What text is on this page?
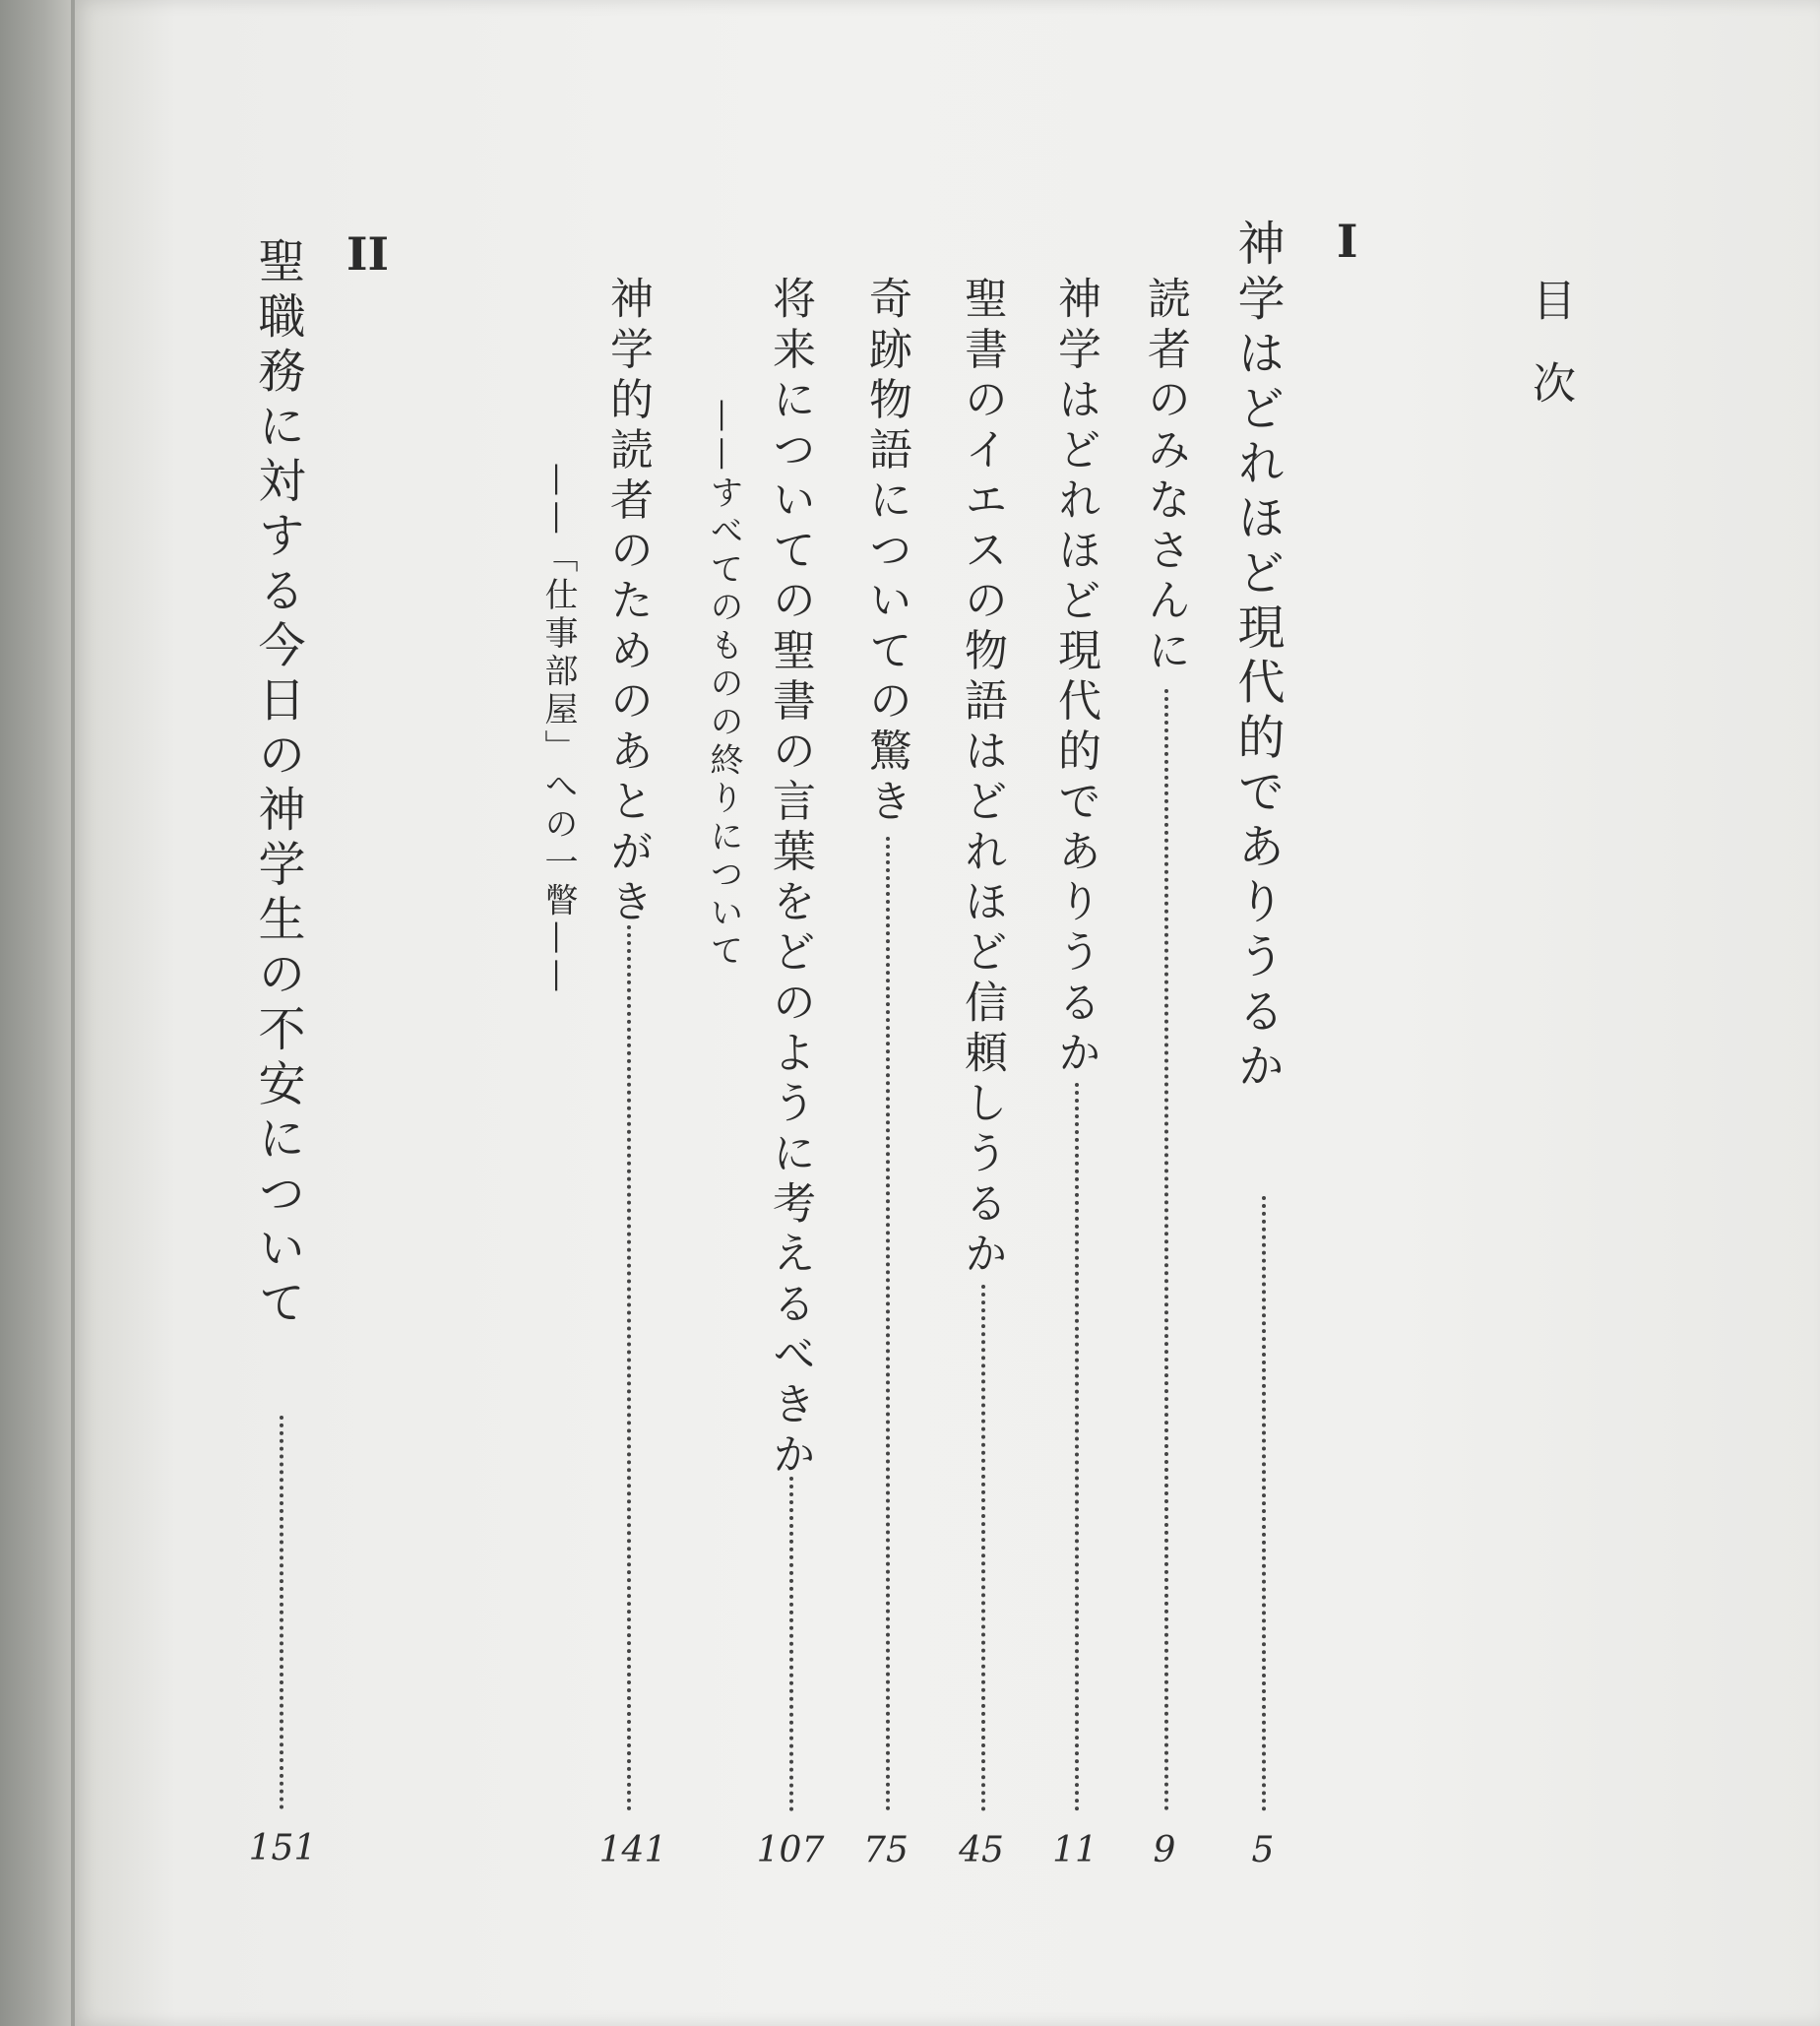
目次
I
神学はどれほど現代的でありうるか
5
読者のみなさんに
9
神学はどれほど現代的でありうるか
11
聖書のイエスの物語はどれほど信頼しうるか
45
奇跡物語についての驚き
75
将来についての聖書の言葉をどのように考えるべきか
——すべてのものの終りについて
107
神学的読者のためのあとがき
——「仕事部屋」への一瞥——
141
II
聖職務に対する今日の神学生の不安について
151
